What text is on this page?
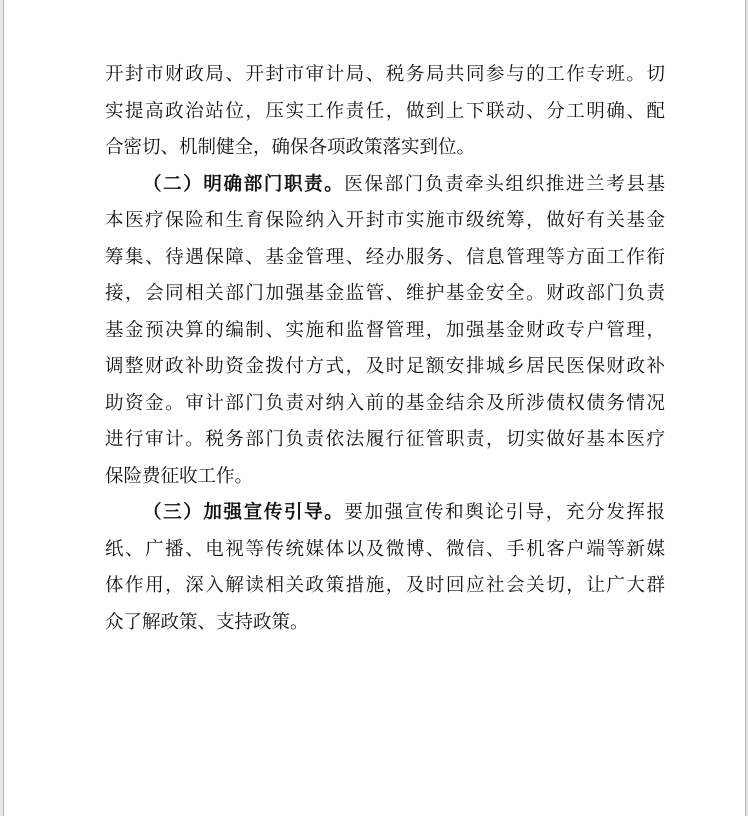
开封市财政局、开封市审计局、税务局共同参与的工作专班。切
实提高政治站位，压实工作责任，做到上下联动、分工明确、配
合密切、机制健全，确保各项政策落实到位。
（二）明确部门职责。医保部门负责牵头组织推进兰考县基
本医疗保险和生育保险纳入开封市实施市级统筹，做好有关基金
筹集、待遇保障、基金管理、经办服务、信息管理等方面工作衔
接，会同相关部门加强基金监管、维护基金安全。财政部门负责
基金预决算的编制、实施和监督管理，加强基金财政专户管理，
调整财政补助资金拨付方式，及时足额安排城乡居民医保财政补
助资金。审计部门负责对纳入前的基金结余及所涉债权债务情况
进行审计。税务部门负责依法履行征管职责，切实做好基本医疗
保险费征收工作。
（三）加强宣传引导。要加强宣传和舆论引导，充分发挥报
纸、广播、电视等传统媒体以及微博、微信、手机客户端等新媒
体作用，深入解读相关政策措施，及时回应社会关切，让广大群
众了解政策、支持政策。
